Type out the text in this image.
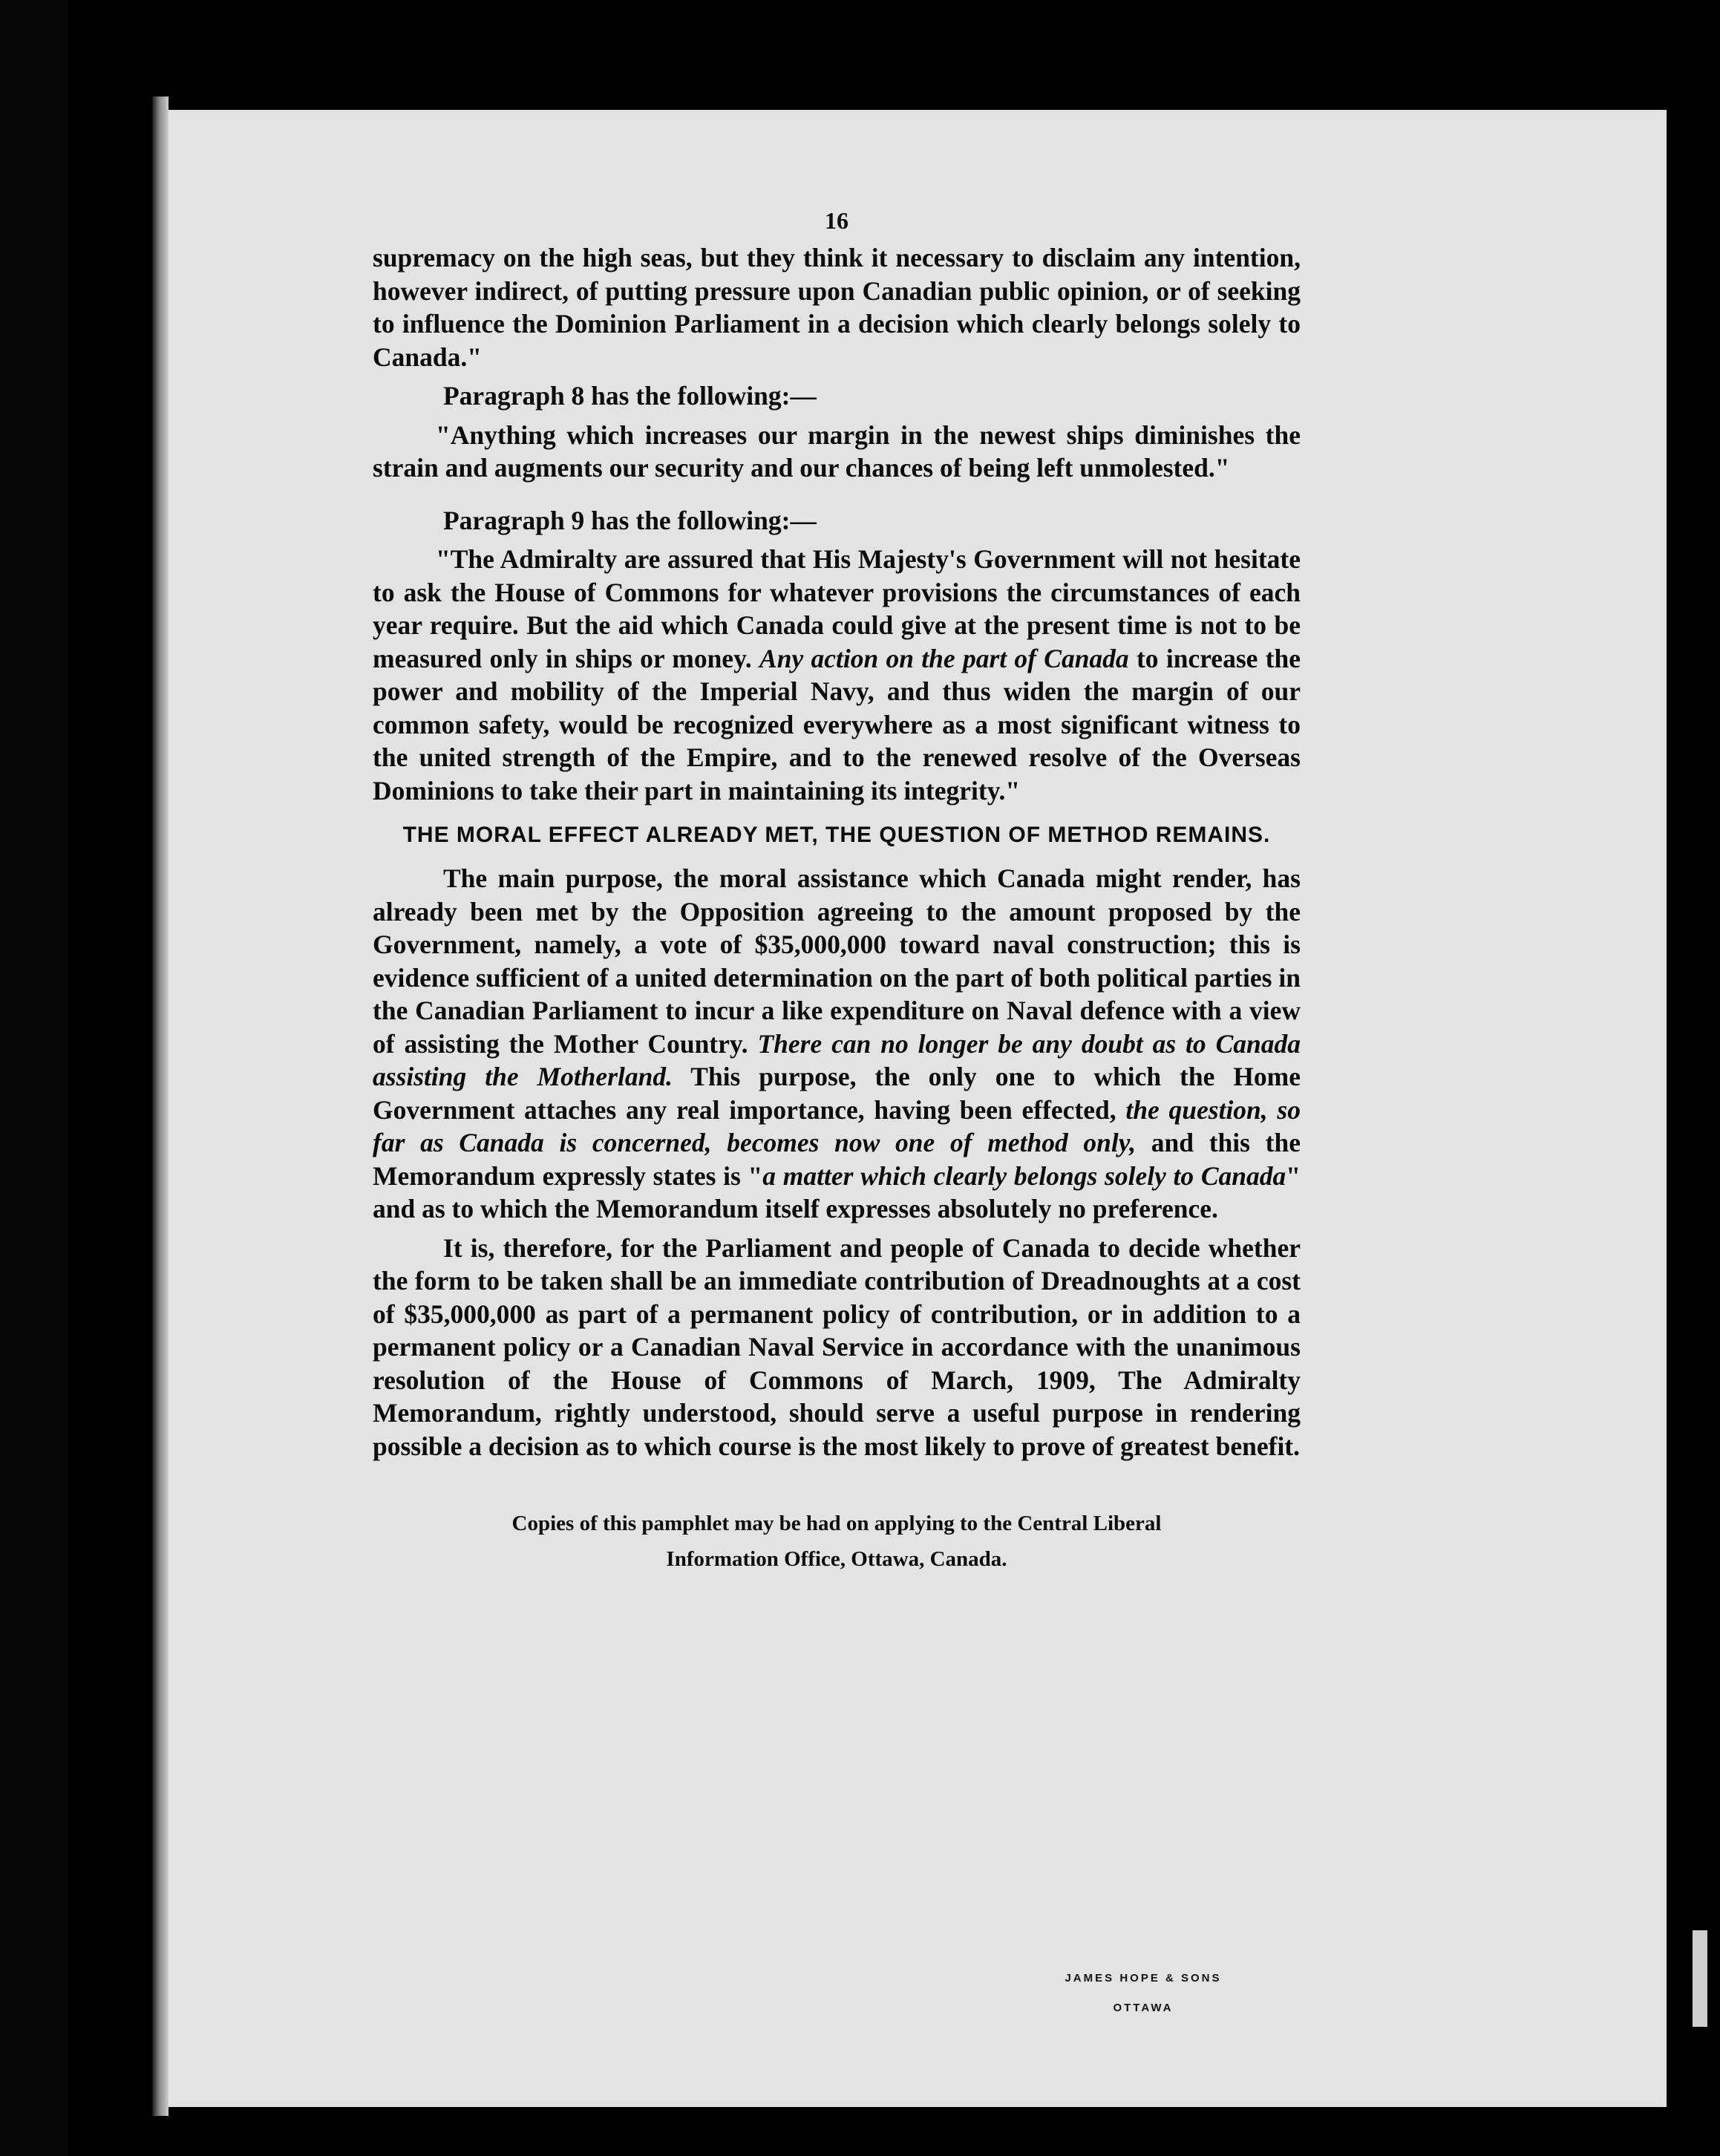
16

supremacy on the high seas, but they think it necessary to disclaim any intention, however indirect, of putting pressure upon Canadian public opinion, or of seeking to influence the Dominion Parliament in a decision which clearly belongs solely to Canada."

Paragraph 8 has the following:—

"Anything which increases our margin in the newest ships diminishes the strain and augments our security and our chances of being left unmolested."

Paragraph 9 has the following:—

"The Admiralty are assured that His Majesty's Government will not hesitate to ask the House of Commons for whatever provisions the circumstances of each year require. But the aid which Canada could give at the present time is not to be measured only in ships or money. Any action on the part of Canada to increase the power and mobility of the Imperial Navy, and thus widen the margin of our common safety, would be recognized everywhere as a most significant witness to the united strength of the Empire, and to the renewed resolve of the Overseas Dominions to take their part in maintaining its integrity."

THE MORAL EFFECT ALREADY MET, THE QUESTION OF METHOD REMAINS.

The main purpose, the moral assistance which Canada might render, has already been met by the Opposition agreeing to the amount proposed by the Government, namely, a vote of $35,000,000 toward naval construction; this is evidence sufficient of a united determination on the part of both political parties in the Canadian Parliament to incur a like expenditure on Naval defence with a view of assisting the Mother Country. There can no longer be any doubt as to Canada assisting the Motherland. This purpose, the only one to which the Home Government attaches any real importance, having been effected, the question, so far as Canada is concerned, becomes now one of method only, and this the Memorandum expressly states is "a matter which clearly belongs solely to Canada" and as to which the Memorandum itself expresses absolutely no preference.

It is, therefore, for the Parliament and people of Canada to decide whether the form to be taken shall be an immediate contribution of Dreadnoughts at a cost of $35,000,000 as part of a permanent policy of contribution, or in addition to a permanent policy or a Canadian Naval Service in accordance with the unanimous resolution of the House of Commons of March, 1909, The Admiralty Memorandum, rightly understood, should serve a useful purpose in rendering possible a decision as to which course is the most likely to prove of greatest benefit.

Copies of this pamphlet may be had on applying to the Central Liberal Information Office, Ottawa, Canada.
JAMES HOPE & SONS
OTTAWA
